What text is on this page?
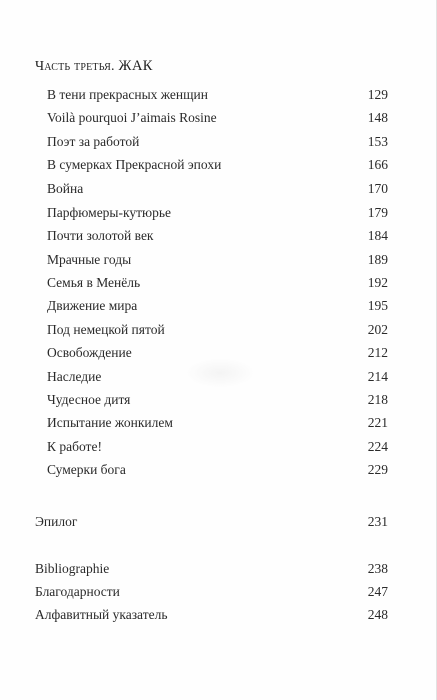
Часть третья. ЖАК
В тени прекрасных женщин	129
Voilà pourquoi J’aimais Rosine	148
Поэт за работой	153
В сумерках Прекрасной эпохи	166
Война	170
Парфюмеры-кутюрье	179
Почти золотой век	184
Мрачные годы	189
Семья в Менёль	192
Движение мира	195
Под немецкой пятой	202
Освобождение	212
Наследие	214
Чудесное дитя	218
Испытание жонкилем	221
К работе!	224
Сумерки бога	229
Эпилог	231
Bibliographie	238
Благодарности	247
Алфавитный указатель	248
